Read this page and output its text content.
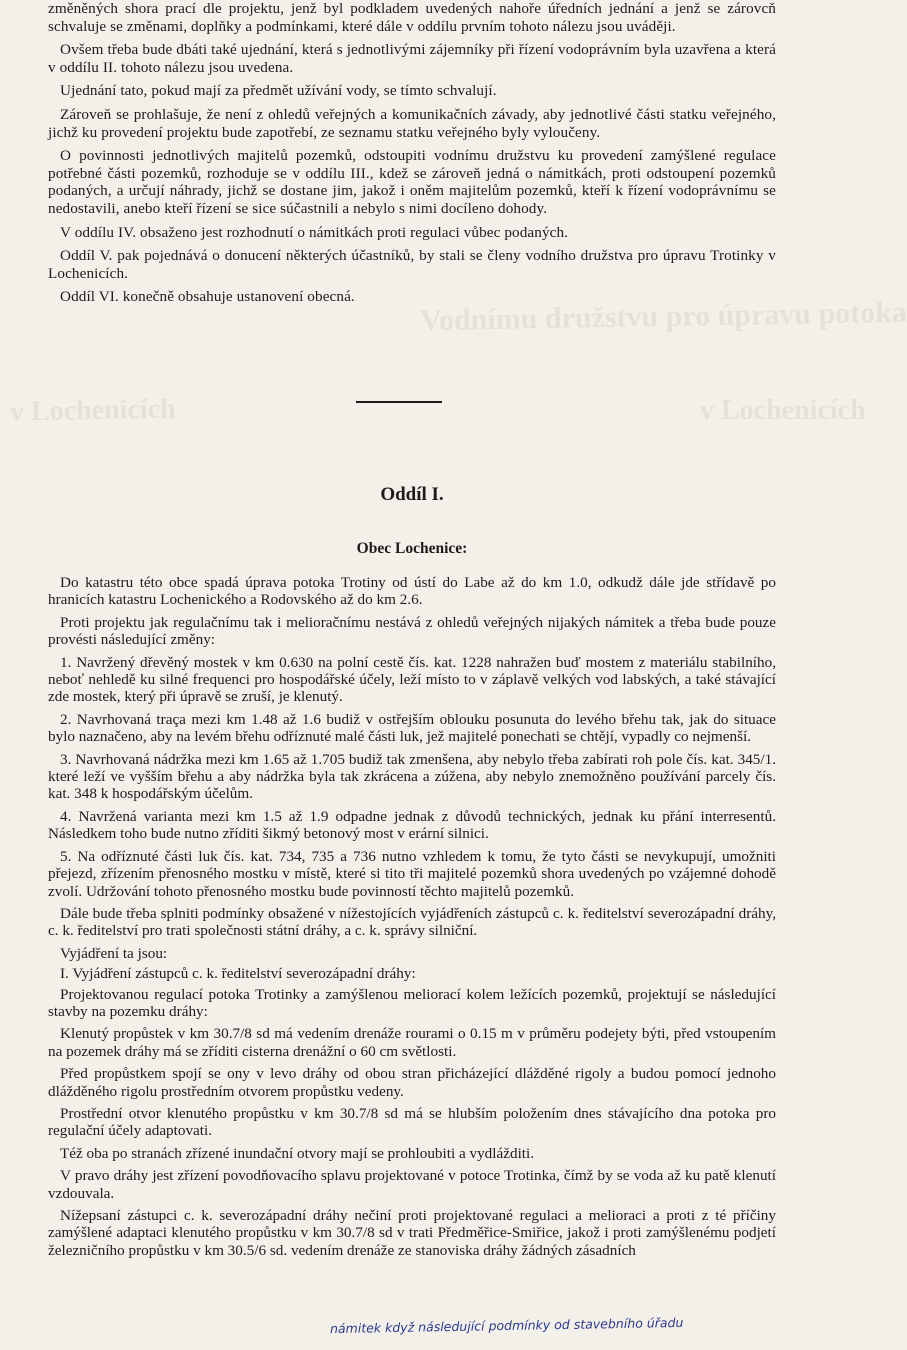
Vodnímu družstvu pro úpravu potoka
v Lochenicích	v Lochenicích

změněných shora prací dle projektu, jenž byl podkladem uvedených nahoře úředních jednání a jenž se zárovcň schvaluje se změnami, doplňky a podmínkami, které dále v oddílu prvním tohoto nálezu jsou uváději.

Ovšem třeba bude dbáti také ujednání, která s jednotlivými zájemníky při řízení vodoprávním byla uzavřena a která v oddílu II. tohoto nálezu jsou uvedena.

Ujednání tato, pokud mají za předmět užívání vody, se tímto schvalují.

Zároveň se prohlašuje, že není z ohledů veřejných a komunikačních závady, aby jednotlivé části statku veřejného, jichž ku provedení projektu bude zapotřebí, ze seznamu statku veřejného byly vyloučeny.

O povinnosti jednotlivých majitelů pozemků, odstoupiti vodnímu družstvu ku provedení zamýšlené regulace potřebné části pozemků, rozhoduje se v oddílu III., kdež se zároveň jedná o námitkách, proti odstoupení pozemků podaných, a určují náhrady, jichž se dostane jim, jakož i oněm majitelům pozemků, kteří k řízení vodoprávnímu se nedostavili, anebo kteří řízení se sice súčastnili a nebylo s nimi docíleno dohody.

V oddílu IV. obsaženo jest rozhodnutí o námitkách proti regulaci vůbec podaných.

Oddíl V. pak pojednává o donucení některých účastníků, by stali se členy vodního družstva pro úpravu Trotinky v Lochenicích.

Oddíl VI. konečně obsahuje ustanovení obecná.

Oddíl I.
Obec Lochenice:

Do katastru této obce spadá úprava potoka Trotiny od ústí do Labe až do km 1.0, odkudž dále jde střídavě po hranicích katastru Lochenického a Rodovského až do km 2.6.

Proti projektu jak regulačnímu tak i melioračnímu nestává z ohledů veřejných nijakých námitek a třeba bude pouze provésti následující změny:

1. Navržený dřevěný mostek v km 0.630 na polní cestě čís. kat. 1228 nahražen buď mostem z materiálu stabilního, neboť nehledě ku silné frequenci pro hospodářské účely, leží místo to v záplavě velkých vod labských, a také stávající zde mostek, který při úpravě se zruší, je klenutý.

2. Navrhovaná traça mezi km 1.48 až 1.6 budiž v ostřejším oblouku posunuta do levého břehu tak, jak do situace bylo naznačeno, aby na levém břehu odříznuté malé části luk, jež majitelé ponechati se chtějí, vypadly co nejmenší.

3. Navrhovaná nádržka mezi km 1.65 až 1.705 budiž tak zmenšena, aby nebylo třeba zabírati roh pole čís. kat. 345/1. které leží ve vyšším břehu a aby nádržka byla tak zkrácena a zúžena, aby nebylo znemožněno používání parcely čís. kat. 348 k hospodářským účelům.

4. Navržená varianta mezi km 1.5 až 1.9 odpadne jednak z důvodů technických, jednak ku přání interresentů. Následkem toho bude nutno zříditi šikmý betonový most v erární silnici.

5. Na odříznuté části luk čís. kat. 734, 735 a 736 nutno vzhledem k tomu, že tyto části se nevykupují, umožniti přejezd, zřízením přenosného mostku v místě, které si tito tři majitelé pozemků shora uvedených po vzájemné dohodě zvolí. Udržování tohoto přenosného mostku bude povinností těchto majitelů pozemků.

Dále bude třeba splniti podmínky obsažené v nížestojících vyjádřeních zástupců c. k. ředitelství severozápadní dráhy, c. k. ředitelství pro trati společnosti státní dráhy, a c. k. správy silniční.

Vyjádření ta jsou:

I. Vyjádření zástupců c. k. ředitelství severozápadní dráhy:

Projektovanou regulací potoka Trotinky a zamýšlenou meliorací kolem ležících pozemků, projektují se následující stavby na pozemku dráhy:

Klenutý propůstek v km 30.7/8 sd má vedením drenáže rourami o 0.15 m v průměru podejety býti, před vstoupením na pozemek dráhy má se zříditi cisterna drenážní o 60 cm světlosti.

Před propůstkem spojí se ony v levo dráhy od obou stran přicházející dlážděné rigoly a budou pomocí jednoho dlážděného rigolu prostředním otvorem propůstku vedeny.

Prostřední otvor klenutého propůstku v km 30.7/8 sd má se hlubším položením dnes stávajícího dna potoka pro regulační účely adaptovati.

Též oba po stranách zřízené inundační otvory mají se prohloubiti a vydlážditi.

V pravo dráhy jest zřízení povodňovacího splavu projektované v potoce Trotinka, čímž by se voda až ku patě klenutí vzdouvala.

Nížepsaní zástupci c. k. severozápadní dráhy nečiní proti projektované regulaci a melioraci a proti z té příčiny zamýšlené adaptaci klenutého propůstku v km 30.7/8 sd v trati Předměřice-Smiřice, jakož i proti zamýšlenému podjetí železničního propůstku v km 30.5/6 sd. vedením drenáže ze stanoviska dráhy žádných zásadních

námitek když následující podmínky od stavebního úřadu
